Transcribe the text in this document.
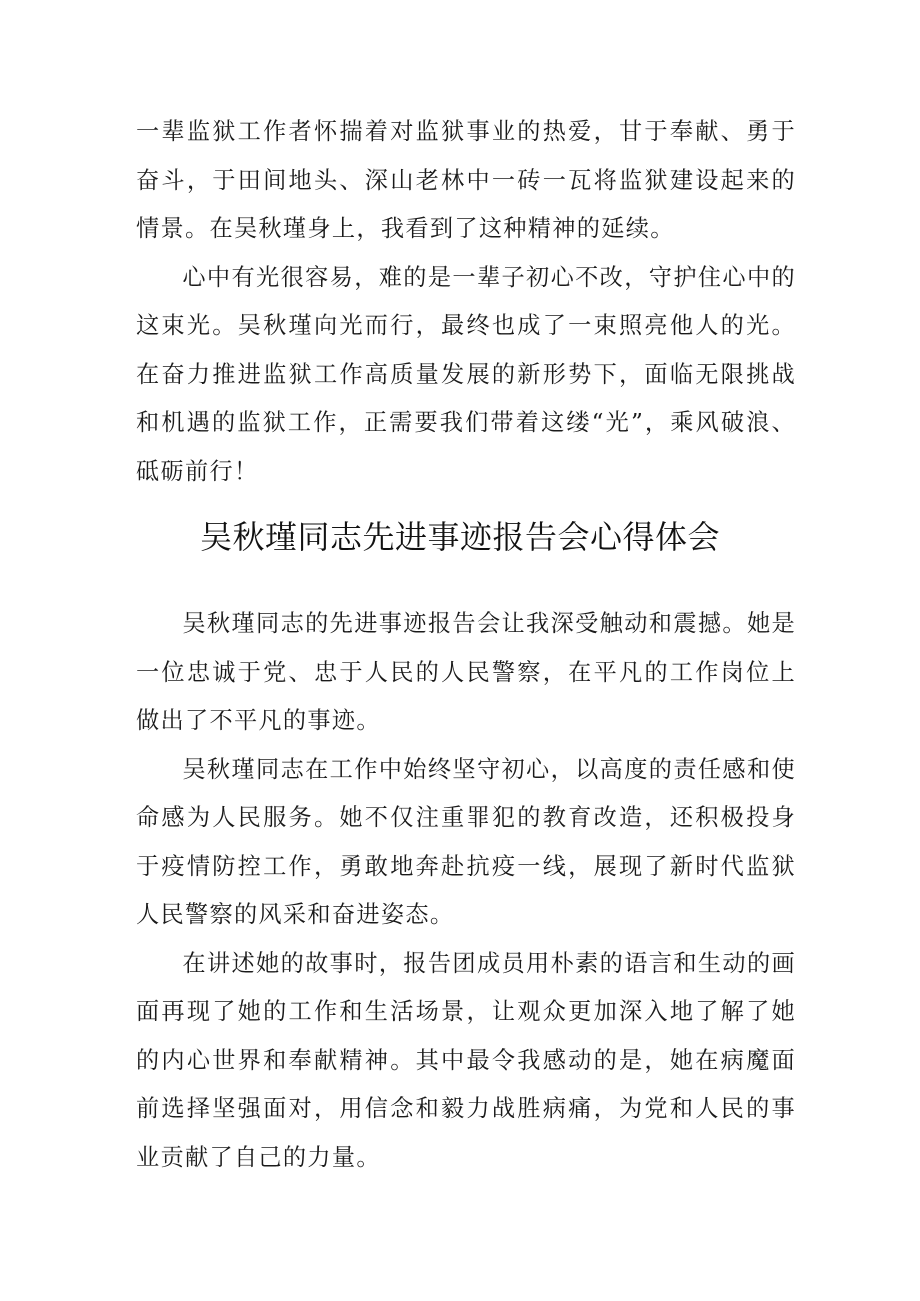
一辈监狱工作者怀揣着对监狱事业的热爱，甘于奉献、勇于奋斗，于田间地头、深山老林中一砖一瓦将监狱建设起来的情景。在吴秋瑾身上，我看到了这种精神的延续。

心中有光很容易，难的是一辈子初心不改，守护住心中的这束光。吴秋瑾向光而行，最终也成了一束照亮他人的光。在奋力推进监狱工作高质量发展的新形势下，面临无限挑战和机遇的监狱工作，正需要我们带着这缕“光”，乘风破浪、砥砺前行！

吴秋瑾同志先进事迹报告会心得体会

吴秋瑾同志的先进事迹报告会让我深受触动和震撼。她是一位忠诚于党、忠于人民的人民警察，在平凡的工作岗位上做出了不平凡的事迹。

吴秋瑾同志在工作中始终坚守初心，以高度的责任感和使命感为人民服务。她不仅注重罪犯的教育改造，还积极投身于疫情防控工作，勇敢地奔赴抗疫一线，展现了新时代监狱人民警察的风采和奋进姿态。

在讲述她的故事时，报告团成员用朴素的语言和生动的画面再现了她的工作和生活场景，让观众更加深入地了解了她的内心世界和奉献精神。其中最令我感动的是，她在病魔面前选择坚强面对，用信念和毅力战胜病痛，为党和人民的事业贡献了自己的力量。
